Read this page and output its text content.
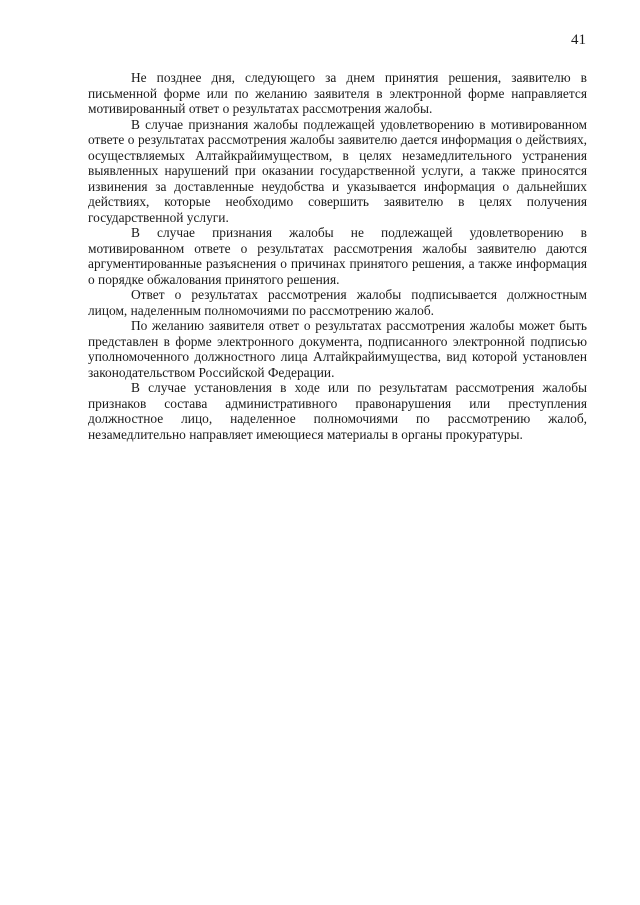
41

Не позднее дня, следующего за днем принятия решения, заявителю в письменной форме или по желанию заявителя в электронной форме направляется мотивированный ответ о результатах рассмотрения жалобы.

В случае признания жалобы подлежащей удовлетворению в мотивированном ответе о результатах рассмотрения жалобы заявителю дается информация о действиях, осуществляемых Алтайкрайимуществом, в целях незамедлительного устранения выявленных нарушений при оказании государственной услуги, а также приносятся извинения за доставленные неудобства и указывается информация о дальнейших действиях, которые необходимо совершить заявителю в целях получения государственной услуги.

В случае признания жалобы не подлежащей удовлетворению в мотивированном ответе о результатах рассмотрения жалобы заявителю даются аргументированные разъяснения о причинах принятого решения, а также информация о порядке обжалования принятого решения.

Ответ о результатах рассмотрения жалобы подписывается должностным лицом, наделенным полномочиями по рассмотрению жалоб.

По желанию заявителя ответ о результатах рассмотрения жалобы может быть представлен в форме электронного документа, подписанного электронной подписью уполномоченного должностного лица Алтайкрайимущества, вид которой установлен законодательством Российской Федерации.

В случае установления в ходе или по результатам рассмотрения жалобы признаков состава административного правонарушения или преступления должностное лицо, наделенное полномочиями по рассмотрению жалоб, незамедлительно направляет имеющиеся материалы в органы прокуратуры.
